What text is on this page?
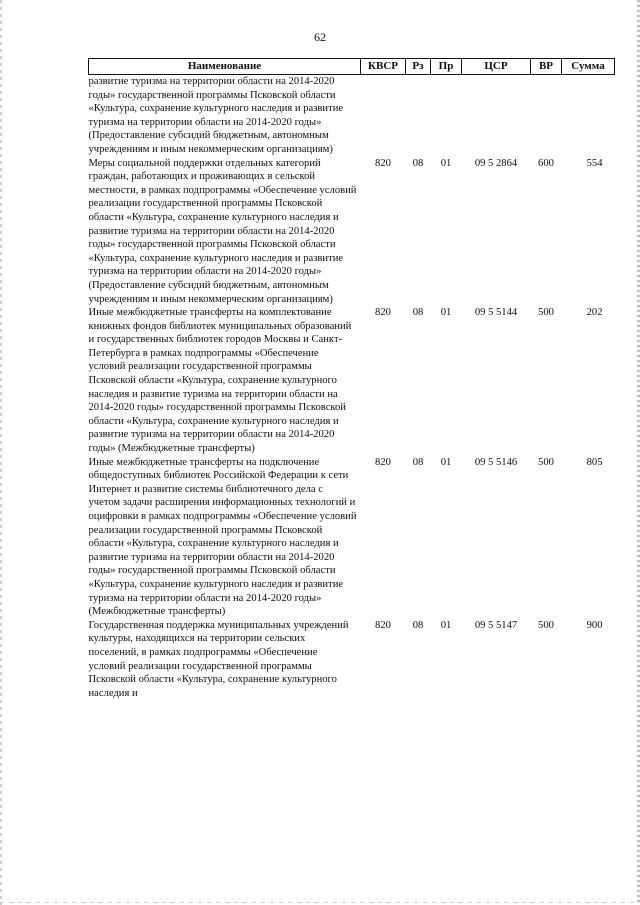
62
Наименование	КВСР	Рз	Пр	ЦСР	ВР	Сумма
развитие туризма на территории области на 2014-2020 годы» государственной программы Псковской области «Культура, сохранение культурного наследия и развитие туризма на территории области на 2014-2020 годы» (Предоставление субсидий бюджетным, автономным учреждениям и иным некоммерческим организациям)						
Меры социальной поддержки отдельных категорий граждан, работающих и проживающих в сельской местности, в рамках подпрограммы «Обеспечение условий реализации государственной программы Псковской области «Культура, сохранение культурного наследия и развитие туризма на территории области на 2014-2020 годы» государственной программы Псковской области «Культура, сохранение культурного наследия и развитие туризма на территории области на 2014-2020 годы» (Предоставление субсидий бюджетным, автономным учреждениям и иным некоммерческим организациям)	820	08	01	09 5 2864	600	554
Иные межбюджетные трансферты на комплектование книжных фондов библиотек муниципальных образований и государственных библиотек городов Москвы и Санкт-Петербурга в рамках подпрограммы «Обеспечение условий реализации государственной программы Псковской области «Культура, сохранение культурного наследия и развитие туризма на территории области на 2014-2020 годы» государственной программы Псковской области «Культура, сохранение культурного наследия и развитие туризма на территории области на 2014-2020 годы» (Межбюджетные трансферты)	820	08	01	09 5 5144	500	202
Иные межбюджетные трансферты на подключение общедоступных библиотек Российской Федерации к сети Интернет и развитие системы библиотечного дела с учетом задачи расширения информационных технологий и оцифровки в рамках подпрограммы «Обеспечение условий реализации государственной программы Псковской области «Культура, сохранение культурного наследия и развитие туризма на территории области на 2014-2020 годы» государственной программы Псковской области «Культура, сохранение культурного наследия и развитие туризма на территории области на 2014-2020 годы» (Межбюджетные трансферты)	820	08	01	09 5 5146	500	805
Государственная поддержка муниципальных учреждений культуры, находящихся на территории сельских поселений, в рамках подпрограммы «Обеспечение условий реализации государственной программы Псковской области «Культура, сохранение культурного наследия и	820	08	01	09 5 5147	500	900
